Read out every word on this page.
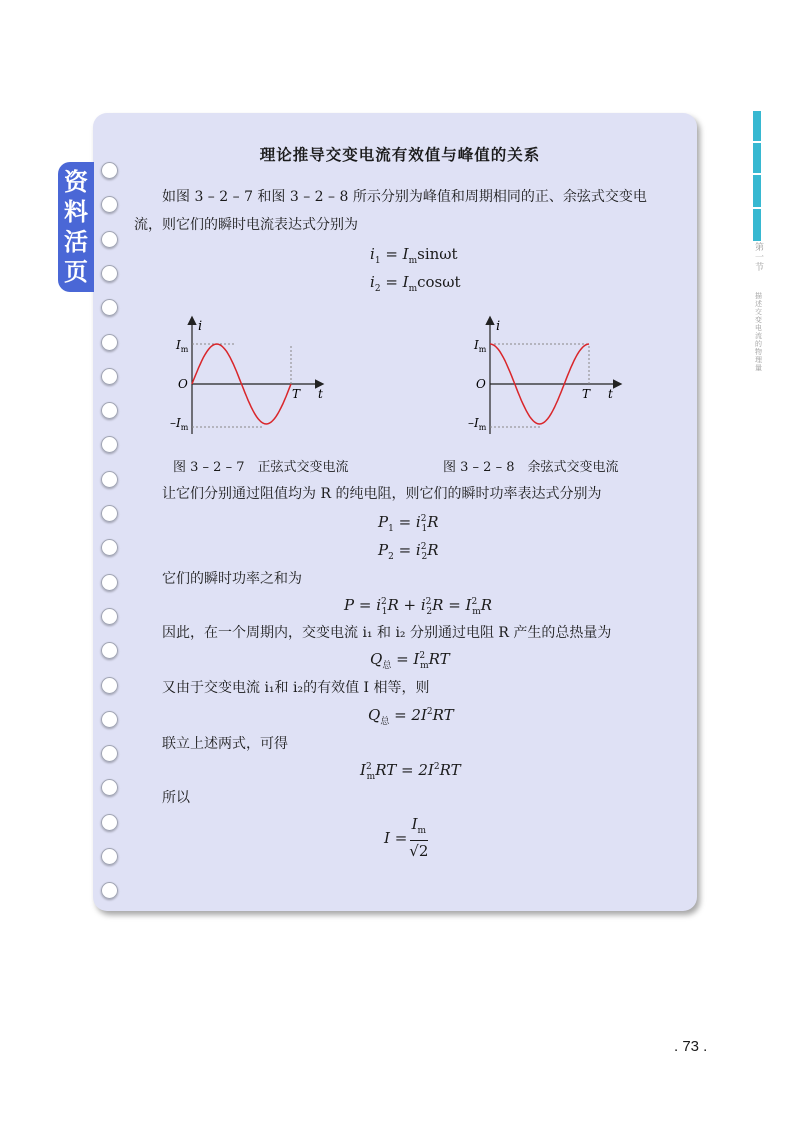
第 一 节
描 述 交 变 电 流 的 物 理 量
资
料
活
页
理论推导交变电流有效值与峰值的关系
如图 3 – 2 – 7 和图 3 – 2 – 8 所示分别为峰值和周期相同的正、余弦式交变电
流，则它们的瞬时电流表达式分别为
$i_1 = I_m\sin\omega t$
$i_2 = I_m\cos\omega t$
i
$I_m$
O
$-I_m$
T t
图 3 – 2 – 7　正弦式交变电流
i
$I_m$
O
$-I_m$
T t
图 3 – 2 – 8　余弦式交变电流
让它们分别通过阻值均为 R 的纯电阻，则它们的瞬时功率表达式分别为
$P_1 = i^2_1R$
$P_2 = i^2_2R$
它们的瞬时功率之和为
$P = i^2_1R + i^2_2R = I^2_mR$
因此，在一个周期内，交变电流 i₁ 和 i₂ 分别通过电阻 R 产生的总热量为
$Q_总 = I^2_mRT$
又由于交变电流 i₁和 i₂的有效值 I 相等，则
$Q_总 = 2I^2RT$
联立上述两式，可得
$I^2_mRT = 2I^2RT$
所以
$I = \frac{I_m}{√2}$
. 73 .
